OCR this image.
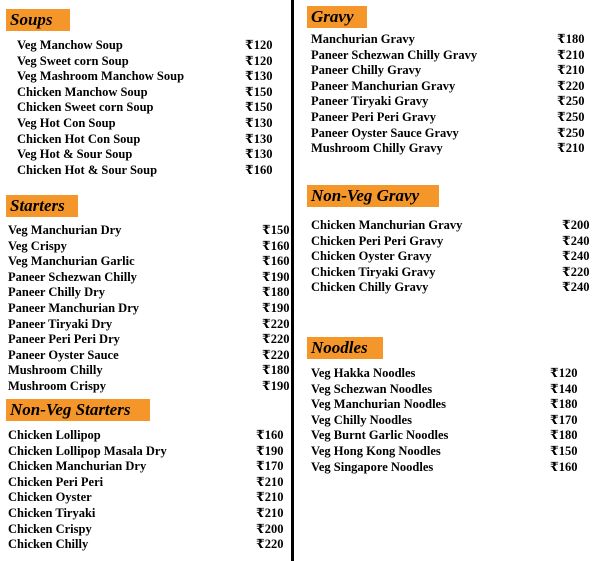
Soups
Veg Manchow Soup	₹120
Veg Sweet corn Soup	₹120
Veg Mashroom Manchow Soup	₹130
Chicken Manchow Soup	₹150
Chicken Sweet corn Soup	₹150
Veg Hot Con Soup	₹130
Chicken Hot Con Soup	₹130
Veg Hot & Sour Soup	₹130
Chicken Hot & Sour Soup	₹160
Starters
Veg Manchurian Dry	₹150
Veg Crispy	₹160
Veg Manchurian Garlic	₹160
Paneer Schezwan Chilly	₹190
Paneer Chilly Dry	₹180
Paneer Manchurian Dry	₹190
Paneer Tiryaki Dry	₹220
Paneer Peri Peri Dry	₹220
Paneer Oyster Sauce	₹220
Mushroom Chilly	₹180
Mushroom Crispy	₹190
Non-Veg Starters
Chicken Lollipop	₹160
Chicken Lollipop Masala Dry	₹190
Chicken Manchurian Dry	₹170
Chicken Peri Peri	₹210
Chicken Oyster	₹210
Chicken Tiryaki	₹210
Chicken Crispy	₹200
Chicken Chilly	₹220
Gravy
Manchurian Gravy	₹180
Paneer Schezwan Chilly Gravy	₹210
Paneer Chilly Gravy	₹210
Paneer Manchurian Gravy	₹220
Paneer Tiryaki Gravy	₹250
Paneer Peri Peri Gravy	₹250
Paneer Oyster Sauce Gravy	₹250
Mushroom Chilly Gravy	₹210
Non-Veg Gravy
Chicken Manchurian Gravy	₹200
Chicken Peri Peri Gravy	₹240
Chicken Oyster Gravy	₹240
Chicken Tiryaki Gravy	₹220
Chicken Chilly Gravy	₹240
Noodles
Veg Hakka Noodles	₹120
Veg Schezwan Noodles	₹140
Veg Manchurian Noodles	₹180
Veg Chilly Noodles	₹170
Veg Burnt Garlic Noodles	₹180
Veg Hong Kong Noodles	₹150
Veg Singapore Noodles	₹160
